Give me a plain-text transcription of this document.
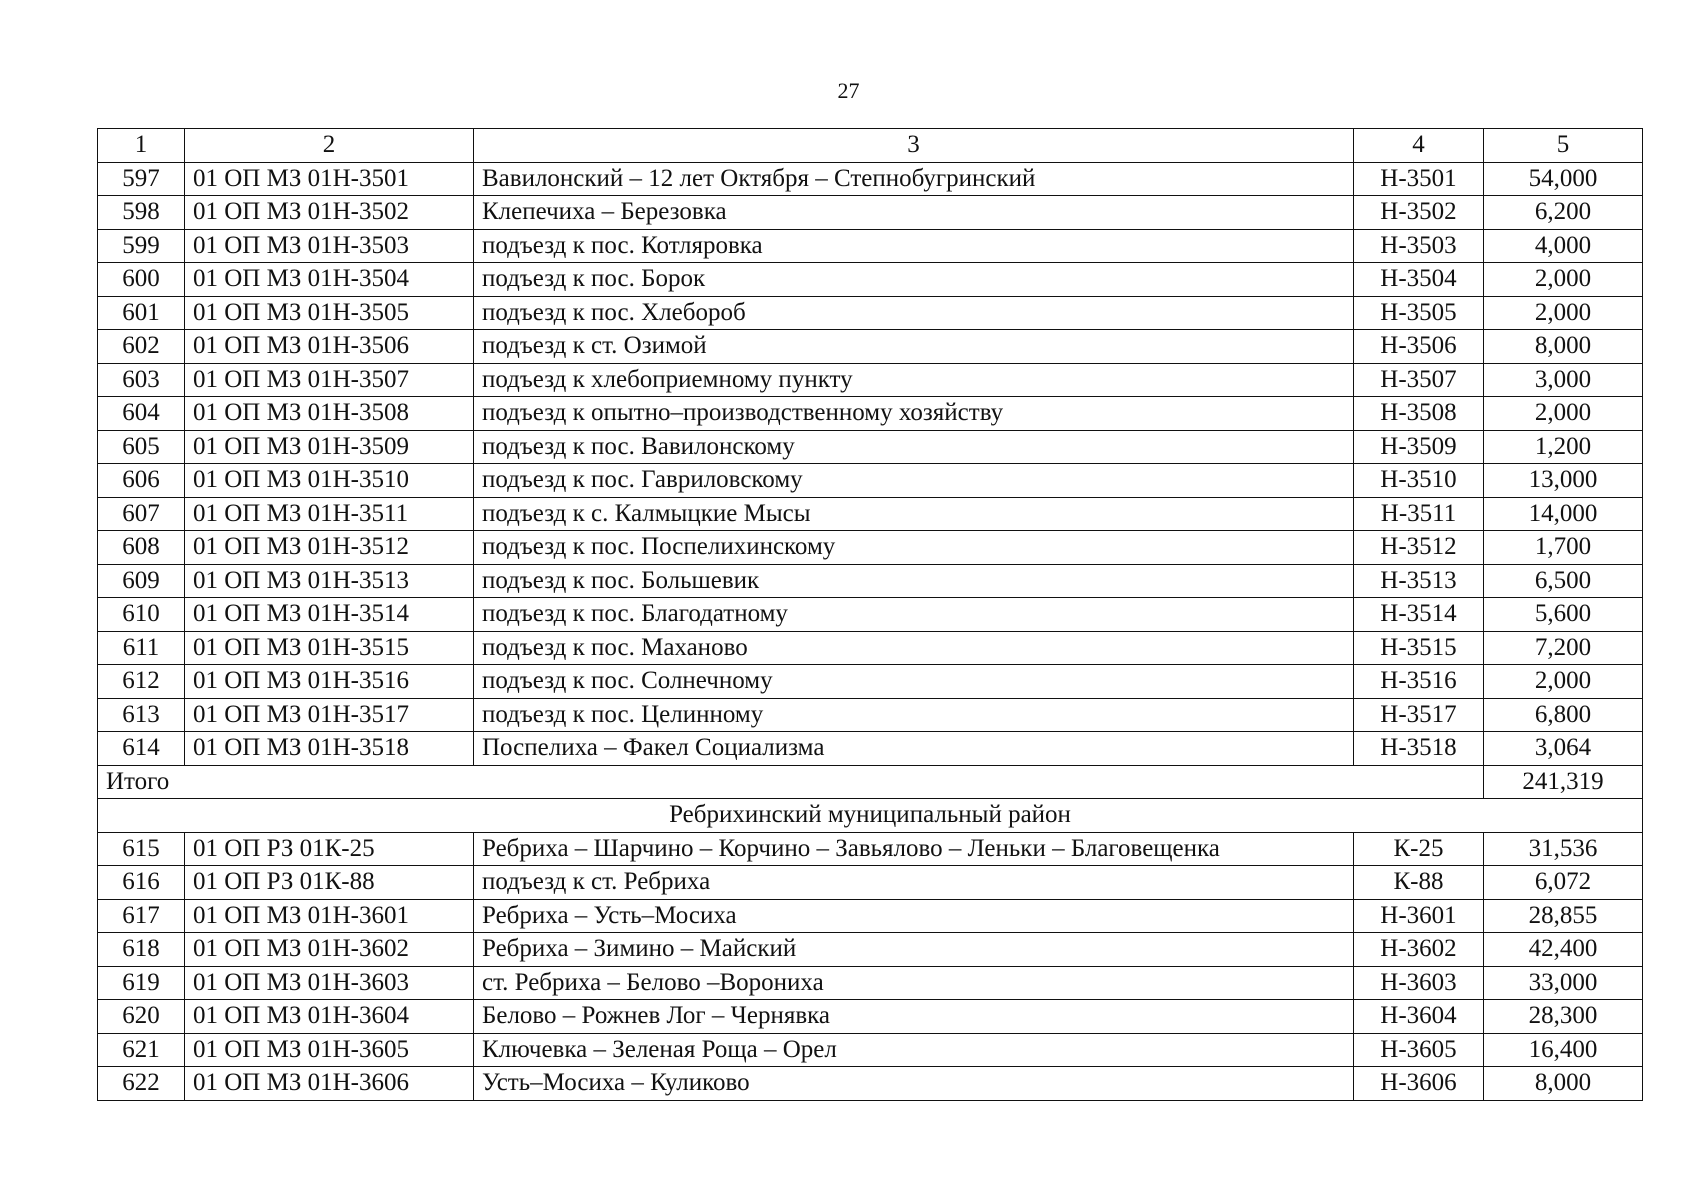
27
1	2	3	4	5
597	01 ОП МЗ 01Н-3501	Вавилонский – 12 лет Октября – Степнобугринский	Н-3501	54,000
598	01 ОП МЗ 01Н-3502	Клепечиха – Березовка	Н-3502	6,200
599	01 ОП МЗ 01Н-3503	подъезд к пос. Котляровка	Н-3503	4,000
600	01 ОП МЗ 01Н-3504	подъезд к пос. Борок	Н-3504	2,000
601	01 ОП МЗ 01Н-3505	подъезд к пос. Хлебороб	Н-3505	2,000
602	01 ОП МЗ 01Н-3506	подъезд к ст. Озимой	Н-3506	8,000
603	01 ОП МЗ 01Н-3507	подъезд к хлебоприемному пункту	Н-3507	3,000
604	01 ОП МЗ 01Н-3508	подъезд к опытно–производственному хозяйству	Н-3508	2,000
605	01 ОП МЗ 01Н-3509	подъезд к пос. Вавилонскому	Н-3509	1,200
606	01 ОП МЗ 01Н-3510	подъезд к пос. Гавриловскому	Н-3510	13,000
607	01 ОП МЗ 01Н-3511	подъезд к с. Калмыцкие Мысы	Н-3511	14,000
608	01 ОП МЗ 01Н-3512	подъезд к пос. Поспелихинскому	Н-3512	1,700
609	01 ОП МЗ 01Н-3513	подъезд к пос. Большевик	Н-3513	6,500
610	01 ОП МЗ 01Н-3514	подъезд к пос. Благодатному	Н-3514	5,600
611	01 ОП МЗ 01Н-3515	подъезд к пос. Маханово	Н-3515	7,200
612	01 ОП МЗ 01Н-3516	подъезд к пос. Солнечному	Н-3516	2,000
613	01 ОП МЗ 01Н-3517	подъезд к пос. Целинному	Н-3517	6,800
614	01 ОП МЗ 01Н-3518	Поспелиха – Факел Социализма	Н-3518	3,064
Итого				241,319
Ребрихинский муниципальный район				
615	01 ОП РЗ 01К-25	Ребриха – Шарчино – Корчино – Завьялово – Леньки – Благовещенка	К-25	31,536
616	01 ОП РЗ 01К-88	подъезд к ст. Ребриха	К-88	6,072
617	01 ОП МЗ 01Н-3601	Ребриха – Усть–Мосиха	Н-3601	28,855
618	01 ОП МЗ 01Н-3602	Ребриха – Зимино – Майский	Н-3602	42,400
619	01 ОП МЗ 01Н-3603	ст. Ребриха – Белово –Ворониха	Н-3603	33,000
620	01 ОП МЗ 01Н-3604	Белово – Рожнев Лог – Чернявка	Н-3604	28,300
621	01 ОП МЗ 01Н-3605	Ключевка – Зеленая Роща – Орел	Н-3605	16,400
622	01 ОП МЗ 01Н-3606	Усть–Мосиха – Куликово	Н-3606	8,000
